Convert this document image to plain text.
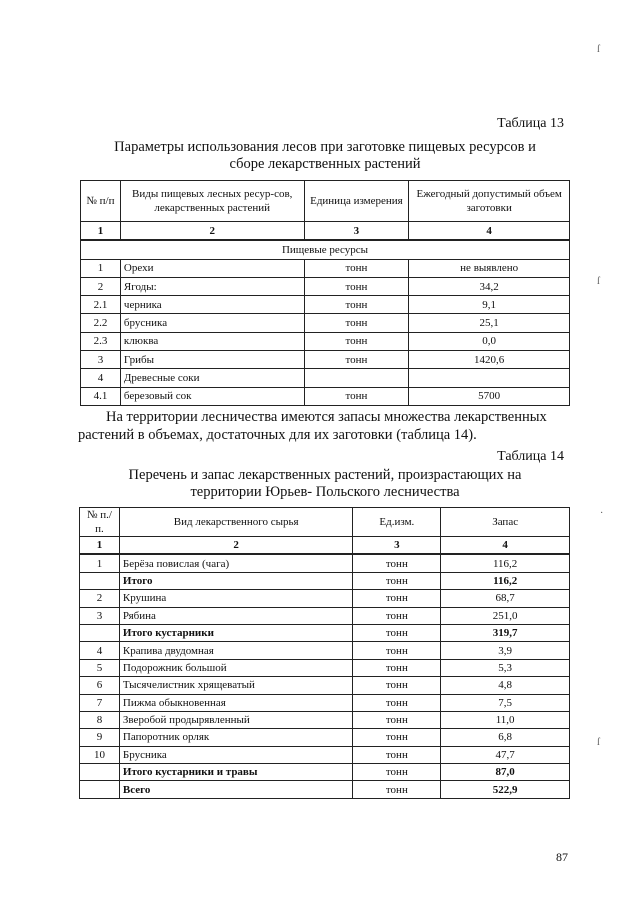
Таблица 13
Параметры использования лесов при заготовке пищевых ресурсов и
сборе лекарственных растений
№ п/п	Виды пищевых лесных ресур-сов, лекарственных растений	Единица измерения	Ежегодный допустимый объем заготовки
1	2	3	4
Пищевые ресурсы			
1	Орехи	тонн	не выявлено
2	Ягоды:	тонн	34,2
2.1	черника	тонн	9,1
2.2	брусника	тонн	25,1
2.3	клюква	тонн	0,0
3	Грибы	тонн	1420,6
4	Древесные соки		
4.1	березовый сок	тонн	5700
На территории лесничества имеются запасы множества лекарственных растений в объемах, достаточных для их заготовки (таблица 14).
Таблица 14
Перечень и запас лекарственных растений, произрастающих на
территории Юрьев- Польского лесничества
№ п./п.	Вид лекарственного сырья	Ед.изм.	Запас
1	2	3	4
1	Берёза повислая (чага)	тонн	116,2
	Итого	тонн	116,2
2	Крушина	тонн	68,7
3	Рябина	тонн	251,0
	Итого кустарники	тонн	319,7
4	Крапива двудомная	тонн	3,9
5	Подорожник большой	тонн	5,3
6	Тысячелистник хрящеватый	тонн	4,8
7	Пижма обыкновенная	тонн	7,5
8	Зверобой продырявленный	тонн	11,0
9	Папоротник орляк	тонн	6,8
10	Брусника	тонн	47,7
	Итого кустарники и травы	тонн	87,0
	Всего	тонн	522,9
ſ
ſ
·
ſ
87
